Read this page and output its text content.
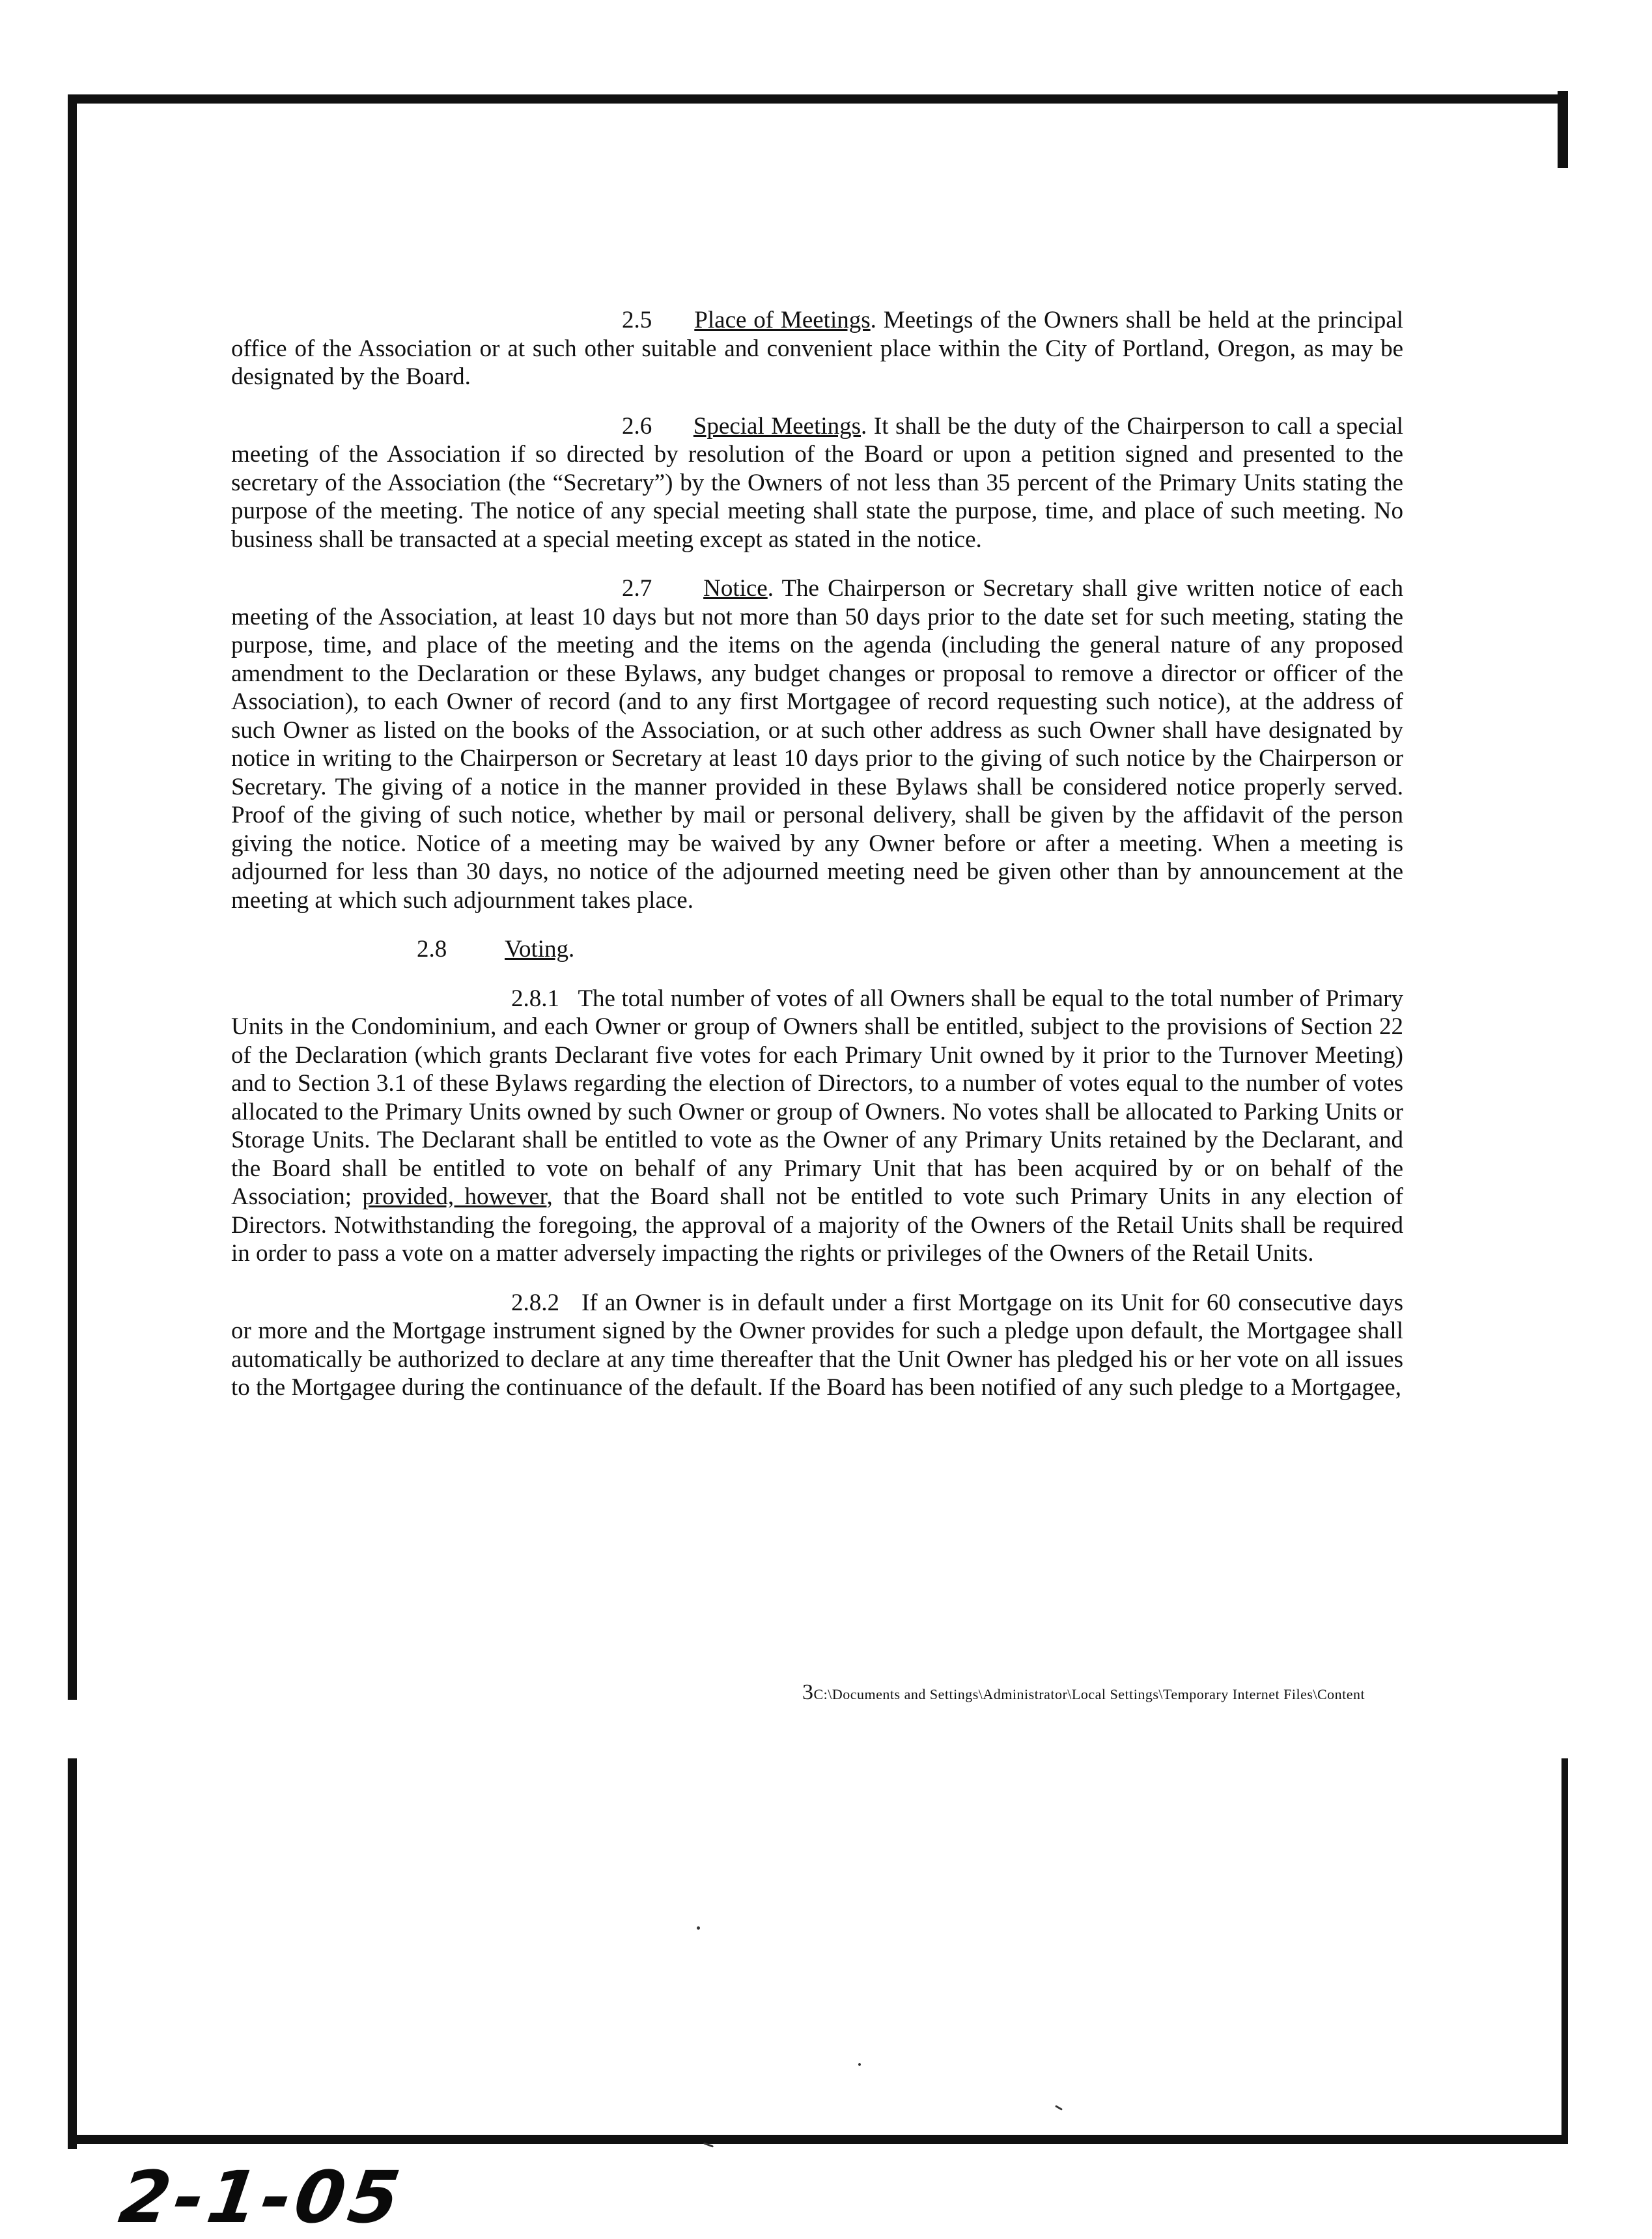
2.5 Place of Meetings. Meetings of the Owners shall be held at the principal office of the Association or at such other suitable and convenient place within the City of Portland, Oregon, as may be designated by the Board.

2.6 Special Meetings. It shall be the duty of the Chairperson to call a special meeting of the Association if so directed by resolution of the Board or upon a petition signed and presented to the secretary of the Association (the “Secretary”) by the Owners of not less than 35 percent of the Primary Units stating the purpose of the meeting. The notice of any special meeting shall state the purpose, time, and place of such meeting. No business shall be transacted at a special meeting except as stated in the notice.

2.7 Notice. The Chairperson or Secretary shall give written notice of each meeting of the Association, at least 10 days but not more than 50 days prior to the date set for such meeting, stating the purpose, time, and place of the meeting and the items on the agenda (including the general nature of any proposed amendment to the Declaration or these Bylaws, any budget changes or proposal to remove a director or officer of the Association), to each Owner of record (and to any first Mortgagee of record requesting such notice), at the address of such Owner as listed on the books of the Association, or at such other address as such Owner shall have designated by notice in writing to the Chairperson or Secretary at least 10 days prior to the giving of such notice by the Chairperson or Secretary. The giving of a notice in the manner provided in these Bylaws shall be considered notice properly served. Proof of the giving of such notice, whether by mail or personal delivery, shall be given by the affidavit of the person giving the notice. Notice of a meeting may be waived by any Owner before or after a meeting. When a meeting is adjourned for less than 30 days, no notice of the adjourned meeting need be given other than by announcement at the meeting at which such adjournment takes place.

2.8 Voting.

2.8.1 The total number of votes of all Owners shall be equal to the total number of Primary Units in the Condominium, and each Owner or group of Owners shall be entitled, subject to the provisions of Section 22 of the Declaration (which grants Declarant five votes for each Primary Unit owned by it prior to the Turnover Meeting) and to Section 3.1 of these Bylaws regarding the election of Directors, to a number of votes equal to the number of votes allocated to the Primary Units owned by such Owner or group of Owners. No votes shall be allocated to Parking Units or Storage Units. The Declarant shall be entitled to vote as the Owner of any Primary Units retained by the Declarant, and the Board shall be entitled to vote on behalf of any Primary Unit that has been acquired by or on behalf of the Association; provided, however, that the Board shall not be entitled to vote such Primary Units in any election of Directors. Notwithstanding the foregoing, the approval of a majority of the Owners of the Retail Units shall be required in order to pass a vote on a matter adversely impacting the rights or privileges of the Owners of the Retail Units.

2.8.2 If an Owner is in default under a first Mortgage on its Unit for 60 consecutive days or more and the Mortgage instrument signed by the Owner provides for such a pledge upon default, the Mortgagee shall automatically be authorized to declare at any time thereafter that the Unit Owner has pledged his or her vote on all issues to the Mortgagee during the continuance of the default. If the Board has been notified of any such pledge to a Mortgagee,

3C:\Documents and Settings\Administrator\Local Settings\Temporary Internet Files\Content
2-1-05
